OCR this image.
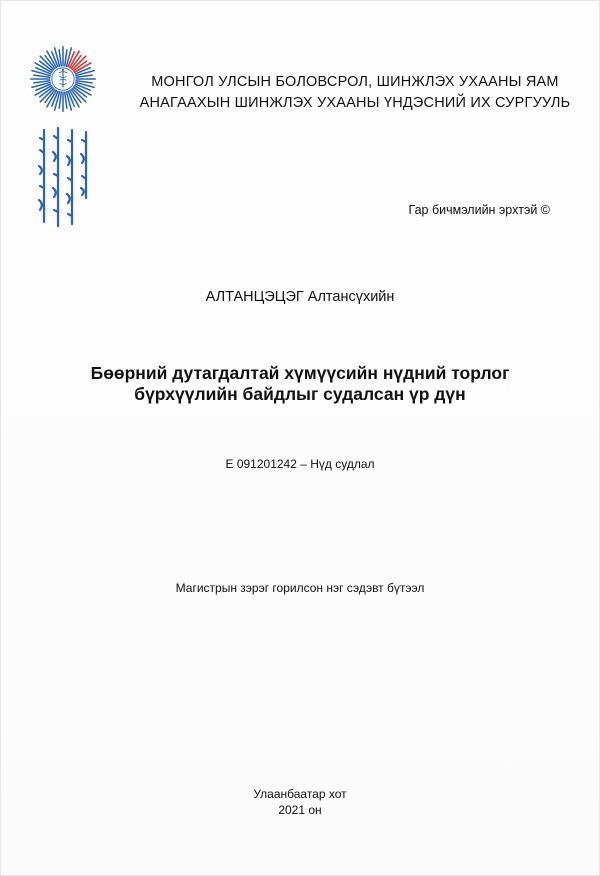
МОНГОЛ УЛСЫН БОЛОВСРОЛ, ШИНЖЛЭХ УХААНЫ ЯАМ
АНАГААХЫН ШИНЖЛЭХ УХААНЫ ҮНДЭСНИЙ ИХ СУРГУУЛЬ
Гар бичмэлийн эрхтэй ©
АЛТАНЦЭЦЭГ Алтансүхийн
Бөөрний дутагдалтай хүмүүсийн нүдний торлог
бүрхүүлийн байдлыг судалсан үр дүн
Е 091201242 – Нүд судлал
Магистрын зэрэг горилсон нэг сэдэвт бүтээл
Улаанбаатар хот
2021 он
